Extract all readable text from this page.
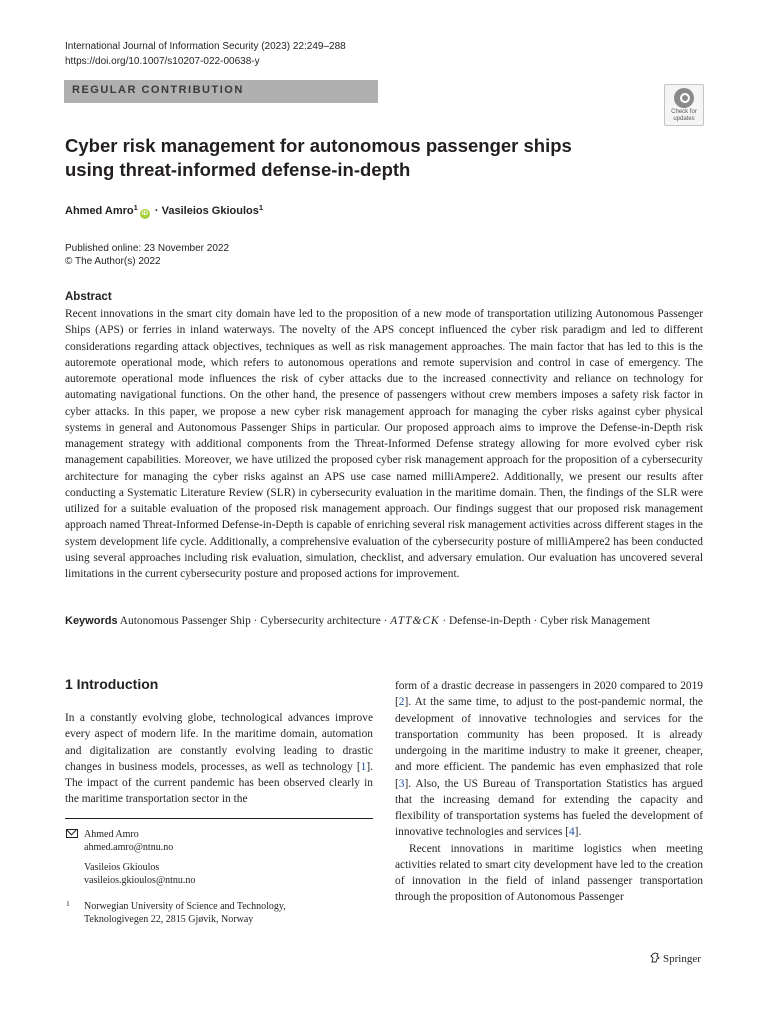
International Journal of Information Security (2023) 22:249–288
https://doi.org/10.1007/s10207-022-00638-y
REGULAR CONTRIBUTION
Check for updates
Cyber risk management for autonomous passenger ships using threat-informed defense-in-depth
Ahmed Amro$^1$iD · Vasileios Gkioulos$^1$
Published online: 23 November 2022
© The Author(s) 2022
Abstract

Recent innovations in the smart city domain have led to the proposition of a new mode of transportation utilizing Autonomous Passenger Ships (APS) or ferries in inland waterways. The novelty of the APS concept influenced the cyber risk paradigm and led to different considerations regarding attack objectives, techniques as well as risk management approaches. The main factor that has led to this is the autoremote operational mode, which refers to autonomous operations and remote supervision and control in case of emergency. The autoremote operational mode influences the risk of cyber attacks due to the increased connectivity and reliance on technology for automating navigational functions. On the other hand, the presence of passengers without crew members imposes a safety risk factor in cyber attacks. In this paper, we propose a new cyber risk management approach for managing the cyber risks against cyber physical systems in general and Autonomous Passenger Ships in particular. Our proposed approach aims to improve the Defense-in-Depth risk management strategy with additional components from the Threat-Informed Defense strategy allowing for more evolved cyber risk management capabilities. Moreover, we have utilized the proposed cyber risk management approach for the proposition of a cybersecurity architecture for managing the cyber risks against an APS use case named milliAmpere2. Additionally, we present our results after conducting a Systematic Literature Review (SLR) in cybersecurity evaluation in the maritime domain. Then, the findings of the SLR were utilized for a suitable evaluation of the proposed risk management approach. Our findings suggest that our proposed risk management approach named Threat-Informed Defense-in-Depth is capable of enriching several risk management activities across different stages in the system development life cycle. Additionally, a comprehensive evaluation of the cybersecurity posture of milliAmpere2 has been conducted using several approaches including risk evaluation, simulation, checklist, and adversary emulation. Our evaluation has uncovered several limitations in the current cybersecurity posture and proposed actions for improvement.

Keywords Autonomous Passenger Ship · Cybersecurity architecture · ATT&CK · Defense-in-Depth · Cyber risk Management

1 Introduction

In a constantly evolving globe, technological advances improve every aspect of modern life. In the maritime domain, automation and digitalization are constantly evolving leading to drastic changes in business models, processes, as well as technology [1]. The impact of the current pandemic has been observed clearly in the maritime transportation sector in the

form of a drastic decrease in passengers in 2020 compared to 2019 [2]. At the same time, to adjust to the post-pandemic normal, the development of innovative technologies and services for the transportation community has been proposed. It is already undergoing in the maritime industry to make it greener, cheaper, and more efficient. The pandemic has even emphasized that role [3]. Also, the US Bureau of Transportation Statistics has argued that the increasing demand for extending the capacity and flexibility of transportation systems has fueled the development of innovative technologies and services [4].
Recent innovations in maritime logistics when meeting activities related to smart city development have led to the creation of innovation in the field of inland passenger transportation through the proposition of Autonomous Passenger

Ahmed Amro
ahmed.amro@ntnu.no
Vasileios Gkioulos
vasileios.gkioulos@ntnu.no
1 Norwegian University of Science and Technology,
Teknologivegen 22, 2815 Gjøvik, Norway
Springer
